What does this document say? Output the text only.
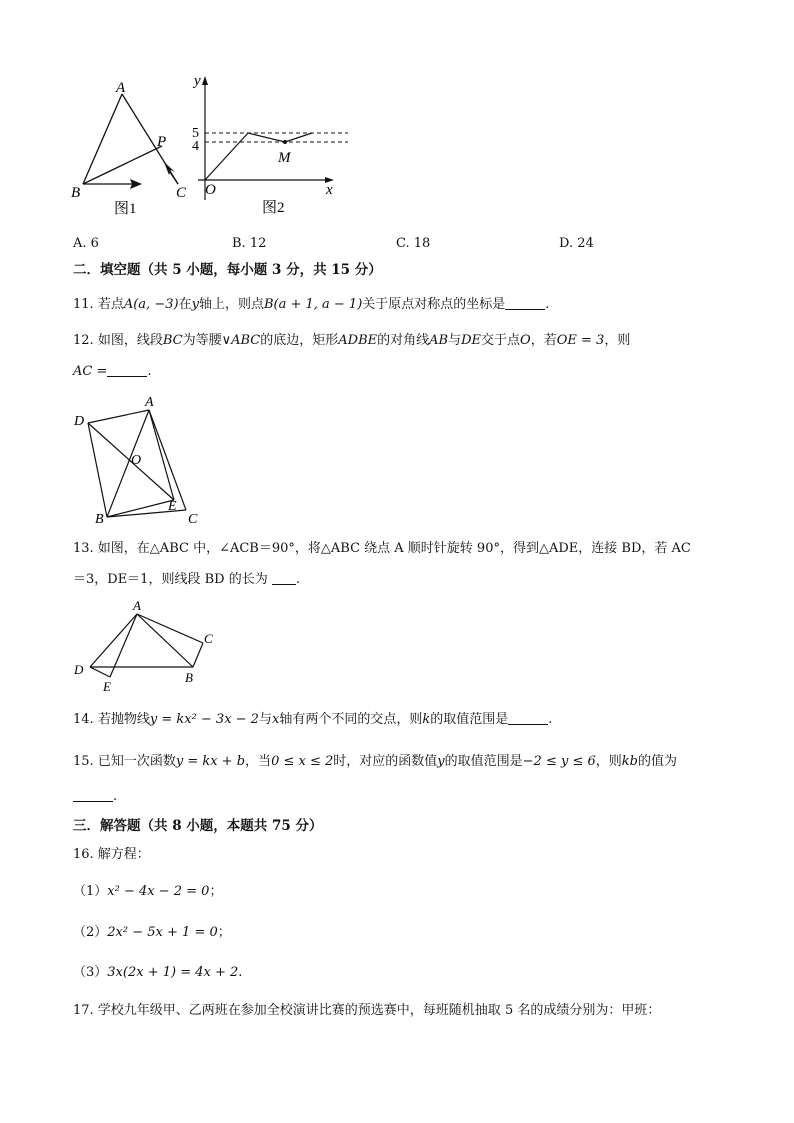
A
P
B	C
图1
y
x
O
5
4
M
图2
A. 6	B. 12	C. 18	D. 24
二．填空题（共 5 小题，每小题 3 分，共 15 分）
11. 若点A(a, −3)在y轴上，则点B(a + 1, a − 1)关于原点对称点的坐标是	.
12. 如图，线段BC为等腰∨ABC的底边，矩形ADBE的对角线AB与DE交于点O，若OE = 3，则
AC =	.
D
A
O
B
E
C
13. 如图，在△ABC 中，∠ACB＝90°，将△ABC 绕点 A 顺时针旋转 90°，得到△ADE，连接 BD，若 AC
＝3，DE＝1，则线段 BD 的长为 .
A
C
D
E
B
14. 若抛物线y = kx² − 3x − 2与x轴有两个不同的交点，则k的取值范围是	.
15. 已知一次函数y = kx + b，当0 ≤ x ≤ 2时，对应的函数值y的取值范围是−2 ≤ y ≤ 6，则kb的值为
.
三．解答题（共 8 小题，本题共 75 分）
16. 解方程：
（1）x² − 4x − 2 = 0；
（2）2x² − 5x + 1 = 0；
（3）3x(2x + 1) = 4x + 2.
17. 学校九年级甲、乙两班在参加全校演讲比赛的预选赛中，每班随机抽取 5 名的成绩分别为：甲班：
